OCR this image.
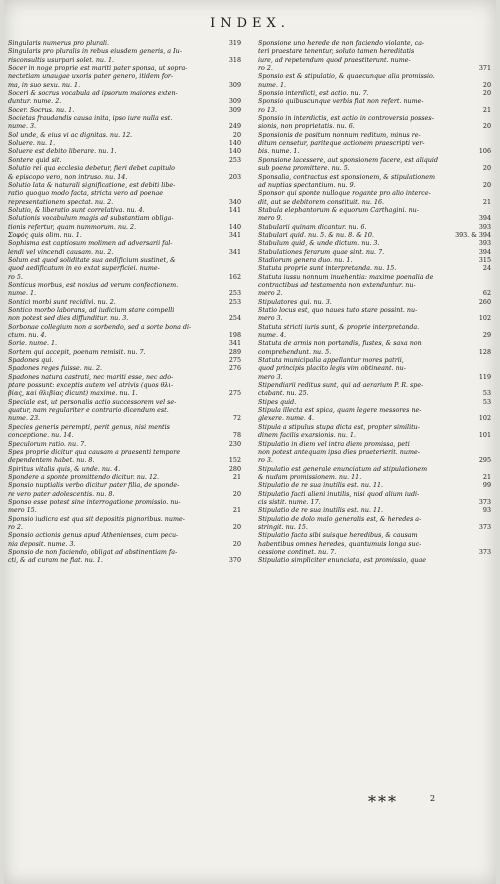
INDEX.
Singularis numerus pro plurali.	319
Singularis pro pluralis in rebus eiusdem generis, a Iu-
risconsultis usurpari solet. nu. 1.	318
Socer in noge proprie est mariti pater sponsa, ut sopra-
nectetiam unaugae uxoris pater genero, itidem for-
ma, in suo sexu. nu. 1.	309
Soceri & socrus vocabula ad ipsorum maiores exten-
duntur. nume. 2.	309
Socer. Socrus. nu. 1.	309
Societas fraudandis causa inita, ipso iure nulla est.
nume. 3.	249
Sol unde, & eius vi ac dignitas. nu. 12.	20
Soluere. nu. 1.	140
Soluere est debito liberare. nu. 1.	140
Sontere quid sit.	253
Solutio rei qua ecclesia debetur, fieri debet capitulo
& episcopo vero, non intruso. nu. 14.	203
Solutio lata & naturali significatione, est debiti libe-
ratio quoquo modo facta, stricta vero ad poenae
representationem spectat. nu. 2.	340
Solutio, & liberatio sunt correlativa. nu. 4.	141
Solutionis vocabulum magis ad substantiam obliga-
tionis refertur, quam nummorum. nu. 2.	140
Σοφός quis olim. nu. 1.	341
Sophisma est captiosum molimen ad adversarii fal-
lendi vel vincendi causam. nu. 2.	341
Solum est quod soliditate sua aedificium sustinet, &
quod aedificatum in eo extat superficiei. nume-
ro 5.	162
Sonticus morbus, est noxius ad verum confectionem.
nume. 1.	253
Sontici morbi sunt recidivi. nu. 2.	253
Sontico morbo laborans, ad iudicium stare compelli
non potest sed dies diffunditur. nu. 3.	254
Sorbonae collegium non a sorbendo, sed a sorte bona di-
ctum. nu. 4.	198
Sorie. nume. 1.	341
Sortem qui accepit, poenam remisit. nu. 7.	289
Spadones qui.	275
Spadones reges fuisse. nu. 2.	276
Spadones natura castrati, nec mariti esse, nec ado-
ptare possunt: exceptis autem vel atrivis (quos θλι-
βίας, καὶ θλιβίας dicunt) maxime. nu. 1.	275
Speciale est, ut personalis actio successorem vel se-
quatur, nam regulariter e contrario dicendum est.
nume. 23.	72
Species generis perempti, perit genus, nisi mentis
conceptione. nu. 14.	78
Speculorum ratio. nu. 7.	230
Spes proprie dicitur qua causam a praesenti tempore
dependentem habet. nu. 8.	152
Spiritus vitalis quis, & unde. nu. 4.	280
Spondere a sponte promittendo dicitur. nu. 12.	21
Sponsio nuptialis verbo dicitur pater filia, de sponde-
re vero pater adolescentis. nu. 8.	20
Sponso esse potest sine interrogatione promissio. nu-
mero 15.	21
Sponsio iudicra est qua sit depositis pignoribus. nume-
ro 2.	20
Sponsio actionis genus apud Athenienses, cum pecu-
nia deposit. nume. 3.	20
Sponsio de non faciendo, obligat ad abstinentiam fa-
cti, & ad curam ne fiat. nu. 1.	370
Sponsione uno herede de non faciendo violante, ca-
teri praestare tenentur, soluto tamen hereditatis
iure, ad repetendum quod praestiterunt. nume-
ro 2.	371
Sponsio est & stipulatio, & quaecunque alia promissio.
nume. 1.	20
Sponsio interdicti, est actio. nu. 7.	20
Sponsio quibuscunque verbis fiat non refert. nume-
ro 13.	21
Sponsio in interdictis, est actio in controversia posses-
sionis, non proprietatis. nu. 6.	20
Sponsionis de positum nonnum reditum, minus re-
ditum censetur, pariteque actionem praescripti ver-
bis. nume. 1.	106
Sponsione lacessere, aut sponsionem facere, est aliquid
sub poena promittere. nu. 5.	20
Sponsalia, contractus est sponsionem, & stipulationem
ad nuptias spectantium. nu. 9.	20
Sponsor qui sponte nulloque rogante pro alio interce-
dit, aut se debitorem constituit. nu. 16.	21
Stabula elephantorum & equorum Carthagini. nu-
mero 9.	394
Stabularii quinam dicantur. nu. 6.	393
Stabulari quid. nu. 5. & nu. 8. & 10.	393. & 394
Stabulum quid, & unde dictum. nu. 3.	393
Stabulationes ferarum quae sint. nu. 7.	394
Stadiorum genera duo. nu. 1.	315
Statuta proprie sunt interpretanda. nu. 15.	24
Statuta iussu nonnum inuehentia: maxime poenalia de
contractibus ad testamenta non extenduntur. nu-
mero 2.	62
Stipulatores qui. nu. 3.	260
Statio locus est, quo naues tuto stare possint. nu-
mero 3.	102
Statuta stricti iuris sunt, & proprie interpretanda.
nume. 4.	29
Statuta de armis non portandis, fustes, & saxa non
comprehendunt. nu. 5.	128
Statuta municipalia appellantur mores patrii,
quod principis placito legis vim obtineant. nu-
mero 3.	119
Stipendiarii reditus sunt, qui ad aerarium P. R. spe-
ctabant. nu. 25.	53
Stipes quid.	53
Stipula illecta est spica, quam legere messores ne-
glexere. nume. 4.	102
Stipula a stipulus stupa dicta est, propter similitu-
dinem facilis exarsionis. nu. 1.	101
Stipulatio in diem vel intra diem promissa, peti
non potest antequam ipsa dies praeterierit. nume-
ro 3.	295
Stipulatio est generale enunciatum ad stipulationem
& nudam promissionem. nu. 11.	21
Stipulatio de re sua inutilis est. nu. 11.	99
Stipulatio facti alieni inutilis, nisi quod alium iudi-
cis sistit. nume. 17.	373
Stipulatio de re sua inutilis est. nu. 11.	93
Stipulatio de dolo malo generalis est, & heredes a-
stringit. nu. 15.	373
Stipulatio facta sibi suisque heredibus, & causam
habentibus omnes heredes, quantumuis longa suc-
cessione continet. nu. 7.	373
Stipulatio simpliciter enunciata, est promissio, quae
***	2
